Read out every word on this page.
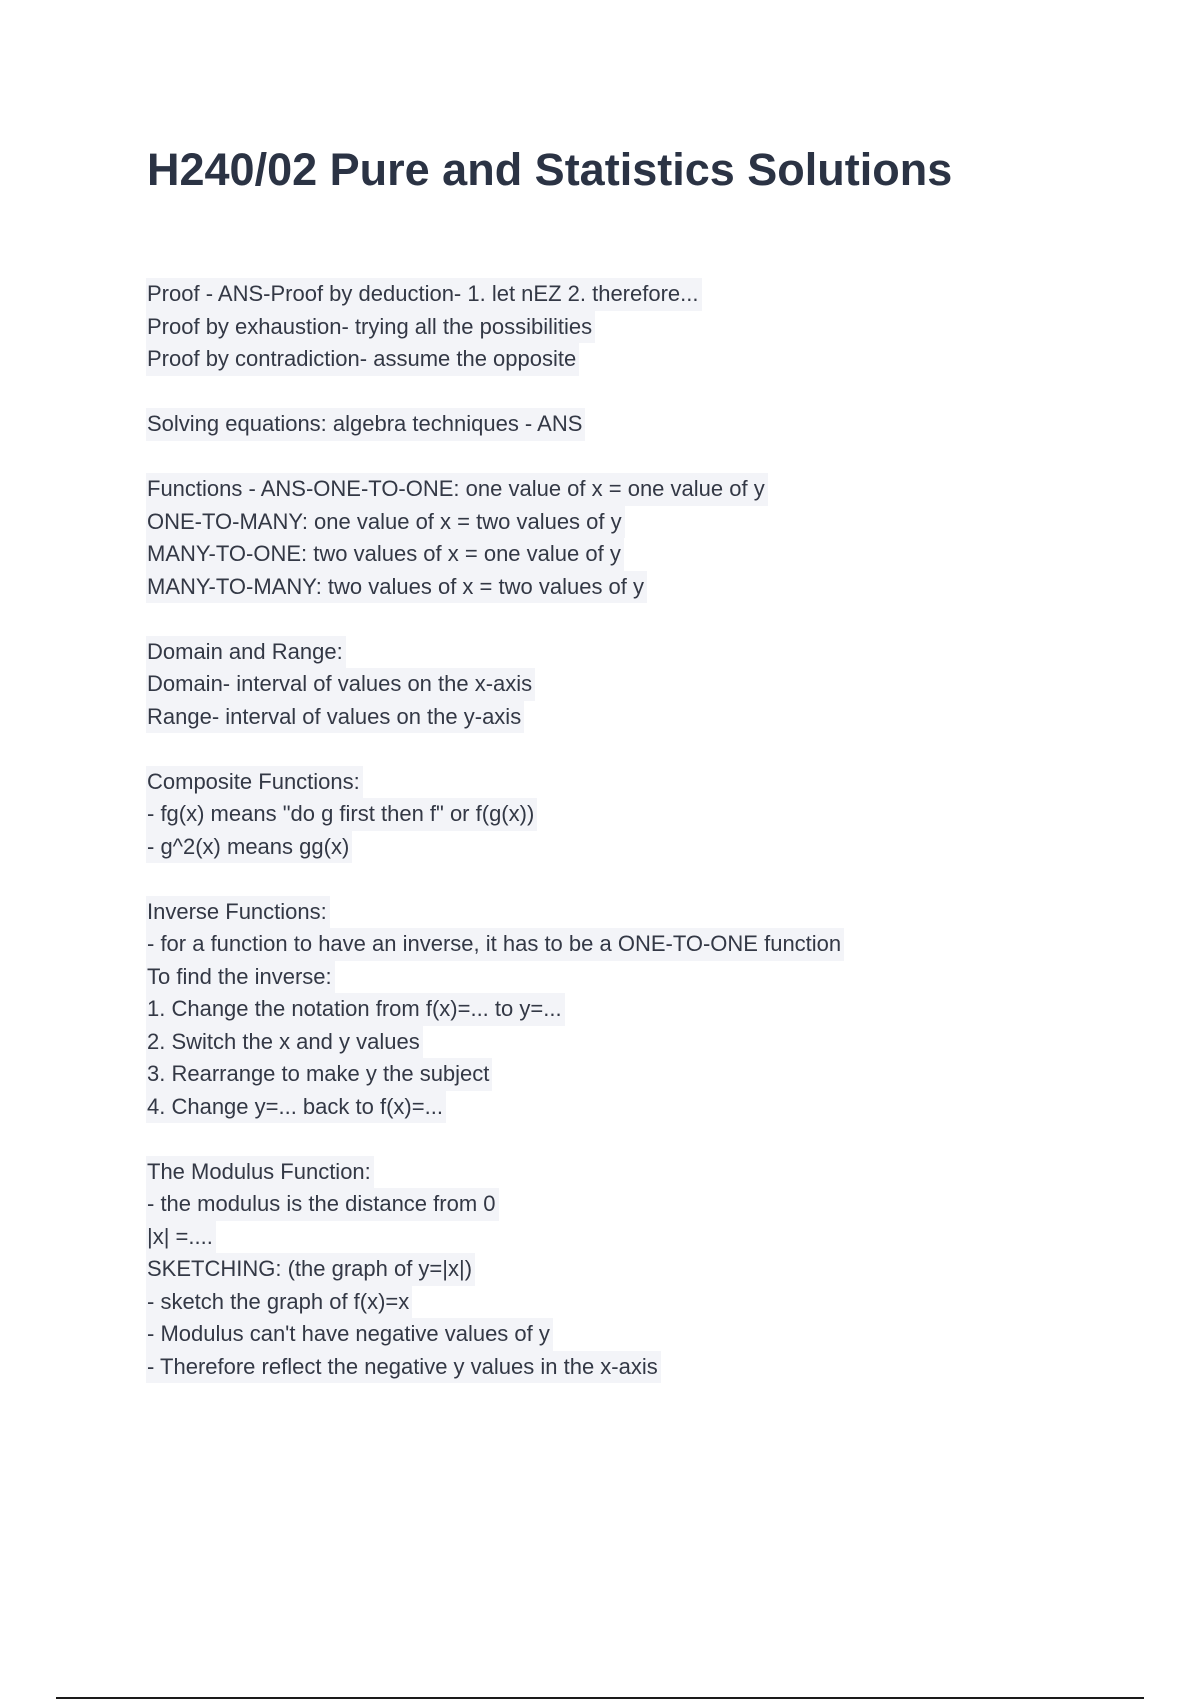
H240/02 Pure and Statistics Solutions
Proof - ANS-Proof by deduction- 1. let nEZ 2. therefore...
Proof by exhaustion- trying all the possibilities
Proof by contradiction- assume the opposite
Solving equations: algebra techniques - ANS
Functions - ANS-ONE-TO-ONE: one value of x = one value of y
ONE-TO-MANY: one value of x = two values of y
MANY-TO-ONE: two values of x = one value of y
MANY-TO-MANY: two values of x = two values of y
Domain and Range:
Domain- interval of values on the x-axis
Range- interval of values on the y-axis
Composite Functions:
- fg(x) means "do g first then f" or f(g(x))
- g^2(x) means gg(x)
Inverse Functions:
- for a function to have an inverse, it has to be a ONE-TO-ONE function
To find the inverse:
1. Change the notation from f(x)=... to y=...
2. Switch the x and y values
3. Rearrange to make y the subject
4. Change y=... back to f(x)=...
The Modulus Function:
- the modulus is the distance from 0
|x| =....
SKETCHING: (the graph of y=|x|)
- sketch the graph of f(x)=x
- Modulus can't have negative values of y
- Therefore reflect the negative y values in the x-axis
